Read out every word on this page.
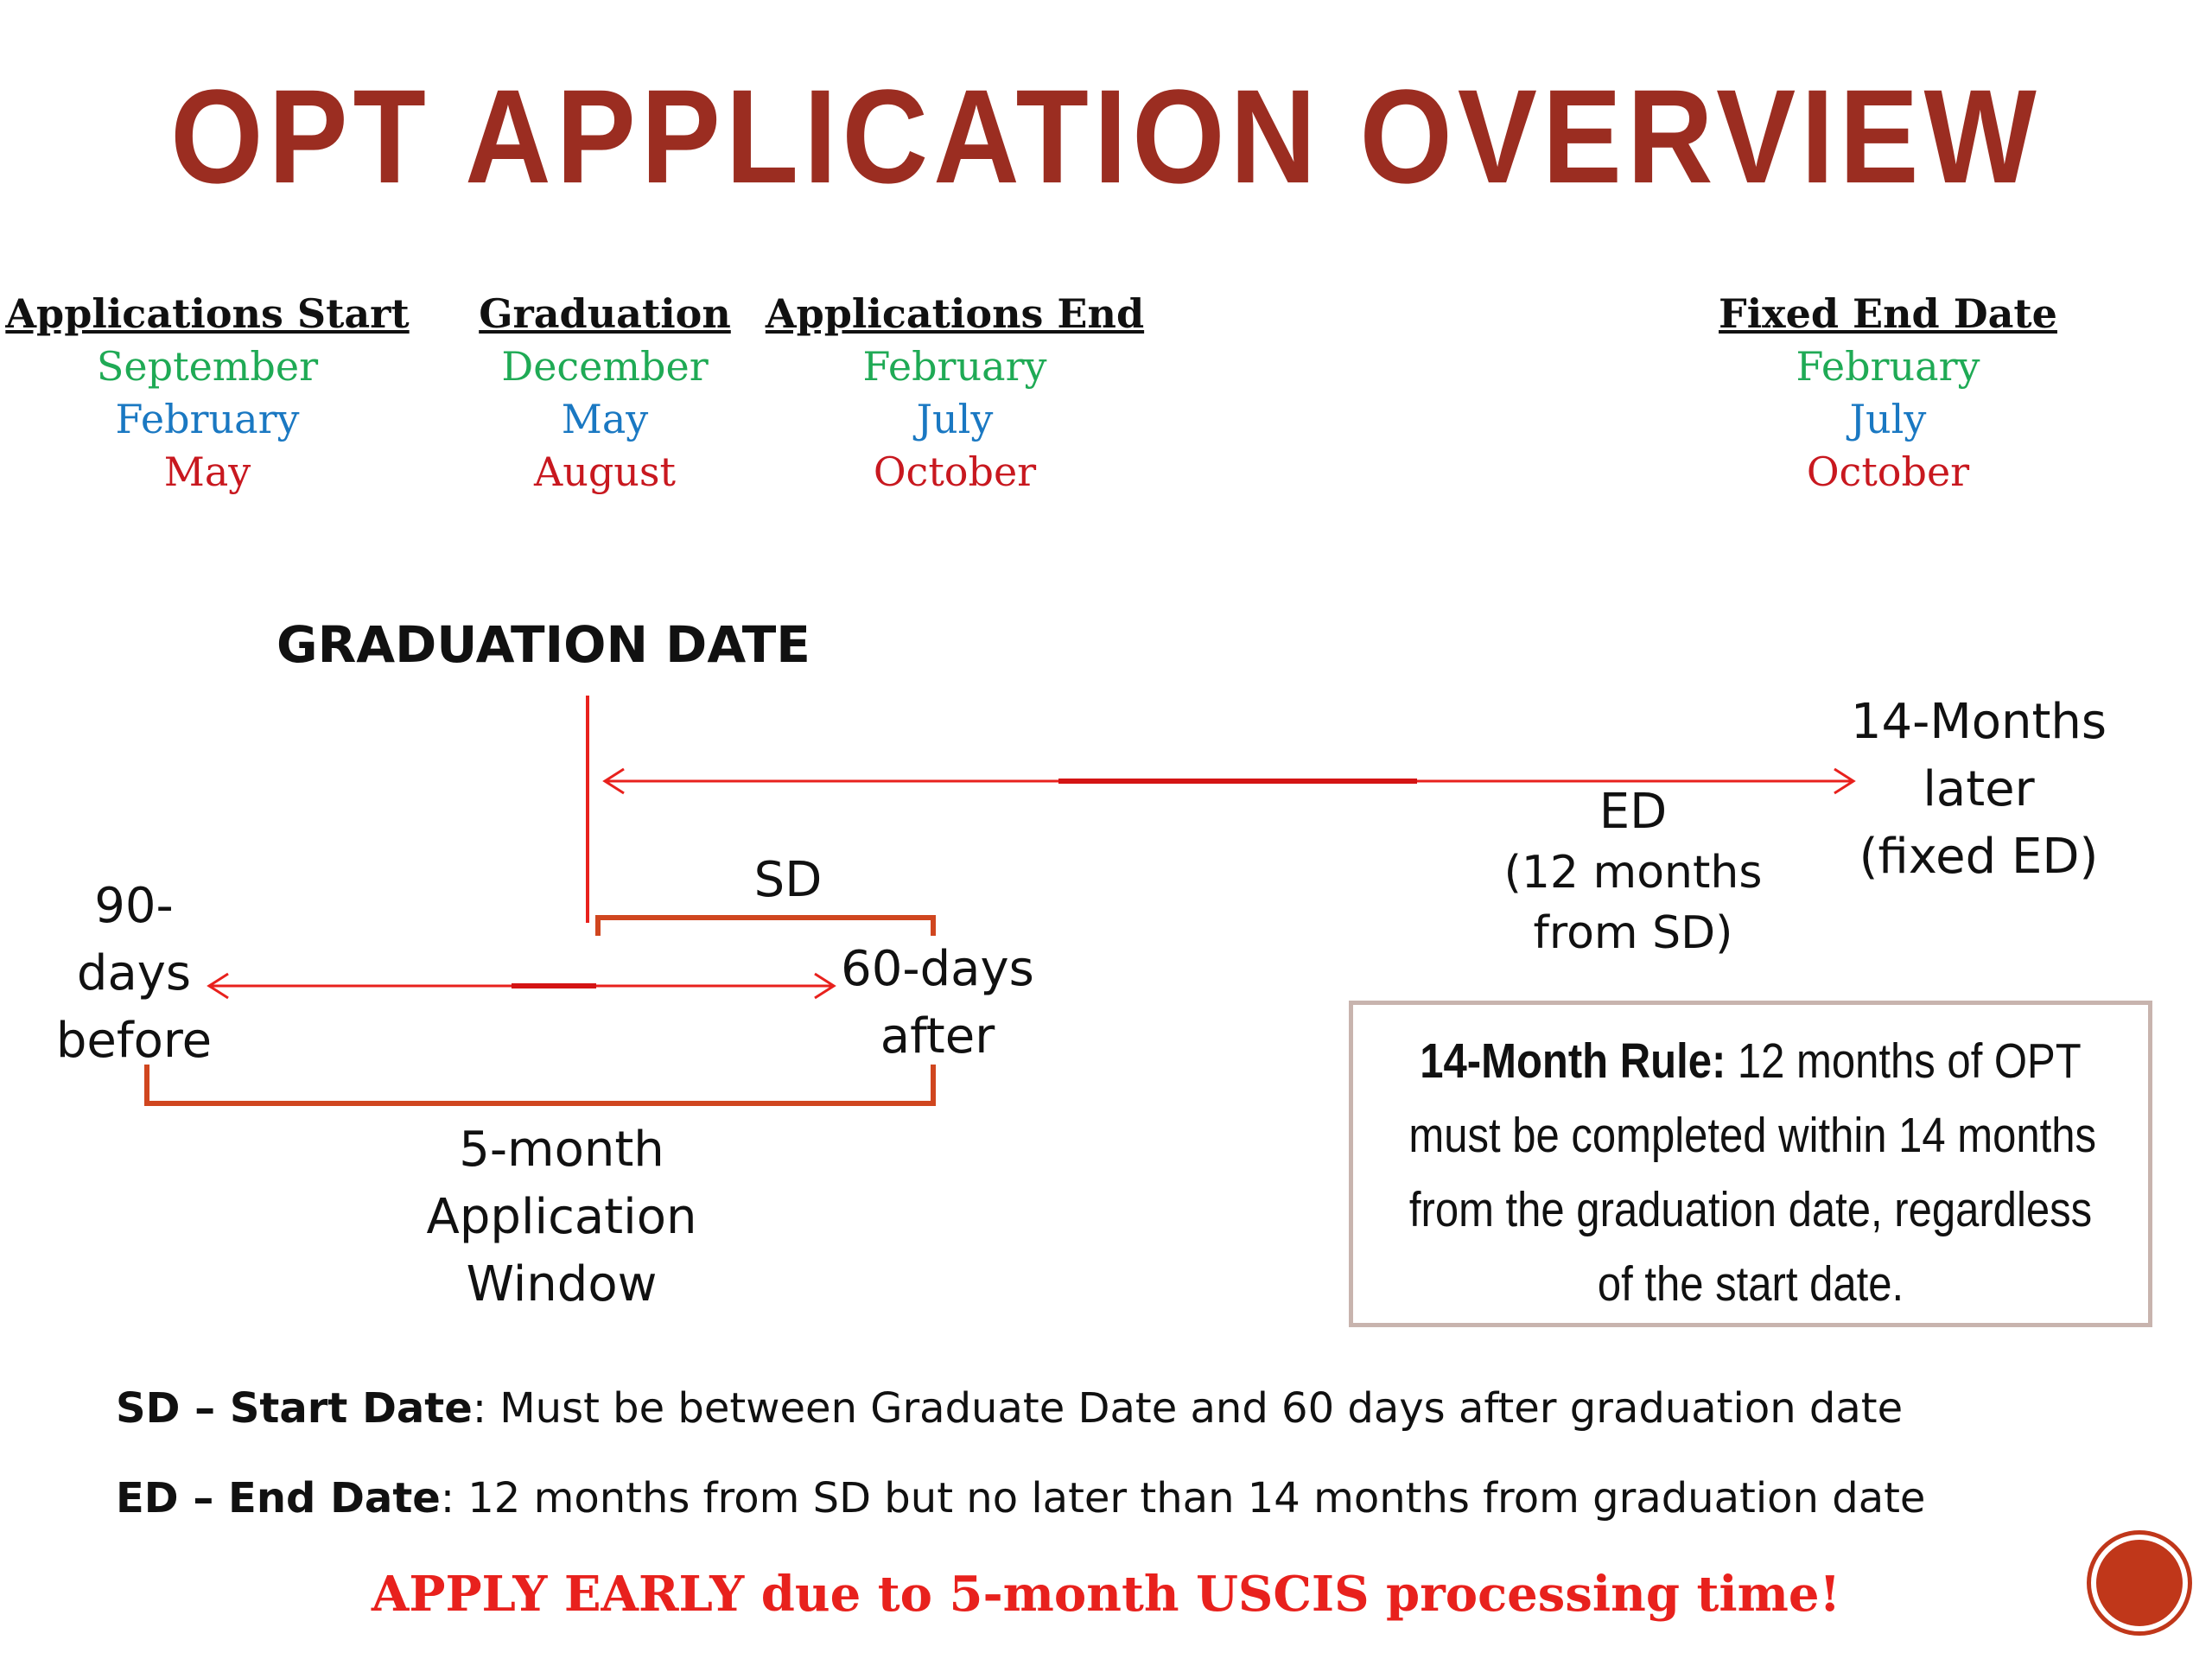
OPT APPLICATION OVERVIEW
Applications Start
September
February
May
Graduation
December
May
August
Applications End
February
July
October
Fixed End Date
February
July
October
GRADUATION DATE
14-Months
later
(fixed ED)
ED
(12 months
from SD)
SD
90-
days
before
60-days
after
5-month
Application
Window
14-Month Rule: 12 months of OPT
must be completed within 14 months
from the graduation date, regardless
of the start date.
SD – Start Date: Must be between Graduate Date and 60 days after graduation date
ED – End Date: 12 months from SD but no later than 14 months from graduation date
APPLY EARLY due to 5-month USCIS processing time!
